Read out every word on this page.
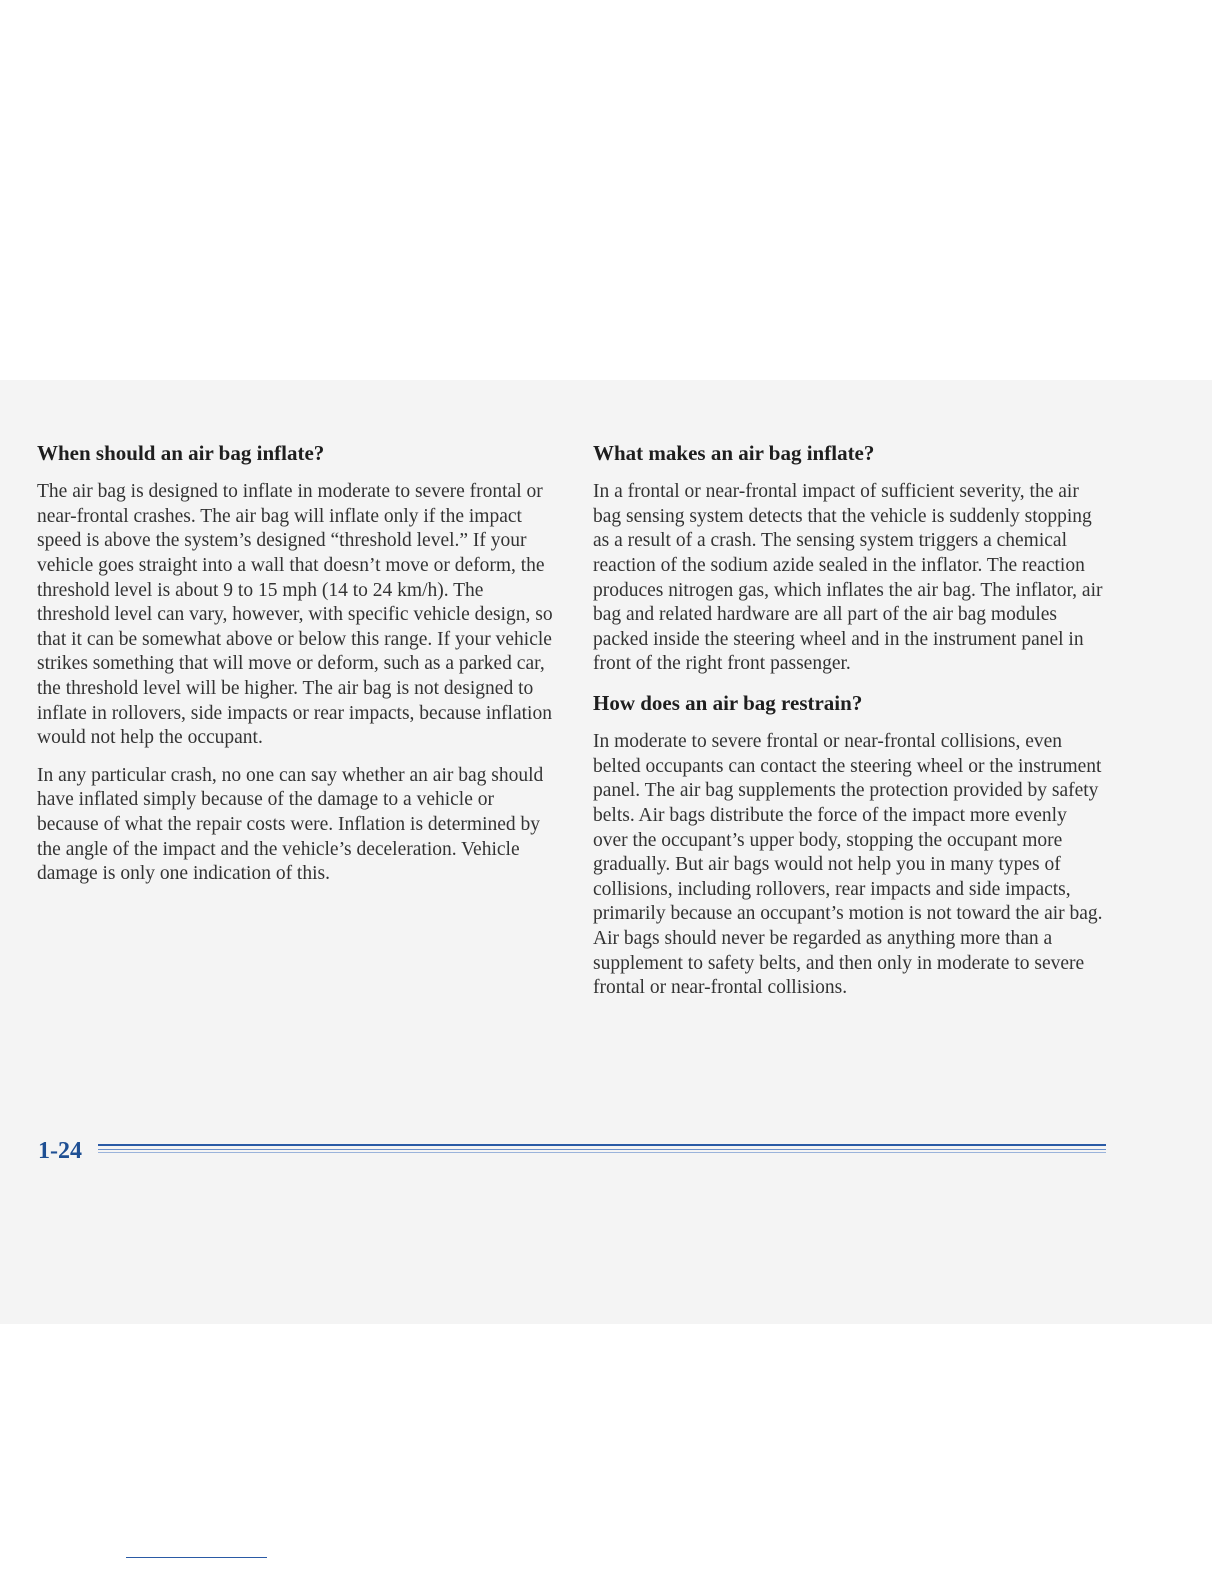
When should an air bag inflate?

The air bag is designed to inflate in moderate to severe frontal or near-frontal crashes. The air bag will inflate only if the impact speed is above the system’s designed “threshold level.” If your vehicle goes straight into a wall that doesn’t move or deform, the threshold level is about 9 to 15 mph (14 to 24 km/h). The threshold level can vary, however, with specific vehicle design, so that it can be somewhat above or below this range. If your vehicle strikes something that will move or deform, such as a parked car, the threshold level will be higher. The air bag is not designed to inflate in rollovers, side impacts or rear impacts, because inflation would not help the occupant.

In any particular crash, no one can say whether an air bag should have inflated simply because of the damage to a vehicle or because of what the repair costs were. Inflation is determined by the angle of the impact and the vehicle’s deceleration. Vehicle damage is only one indication of this.

What makes an air bag inflate?

In a frontal or near-frontal impact of sufficient severity, the air bag sensing system detects that the vehicle is suddenly stopping as a result of a crash. The sensing system triggers a chemical reaction of the sodium azide sealed in the inflator. The reaction produces nitrogen gas, which inflates the air bag. The inflator, air bag and related hardware are all part of the air bag modules packed inside the steering wheel and in the instrument panel in front of the right front passenger.

How does an air bag restrain?

In moderate to severe frontal or near-frontal collisions, even belted occupants can contact the steering wheel or the instrument panel. The air bag supplements the protection provided by safety belts. Air bags distribute the force of the impact more evenly over the occupant’s upper body, stopping the occupant more gradually. But air bags would not help you in many types of collisions, including rollovers, rear impacts and side impacts, primarily because an occupant’s motion is not toward the air bag. Air bags should never be regarded as anything more than a supplement to safety belts, and then only in moderate to severe frontal or near-frontal collisions.

1-24
